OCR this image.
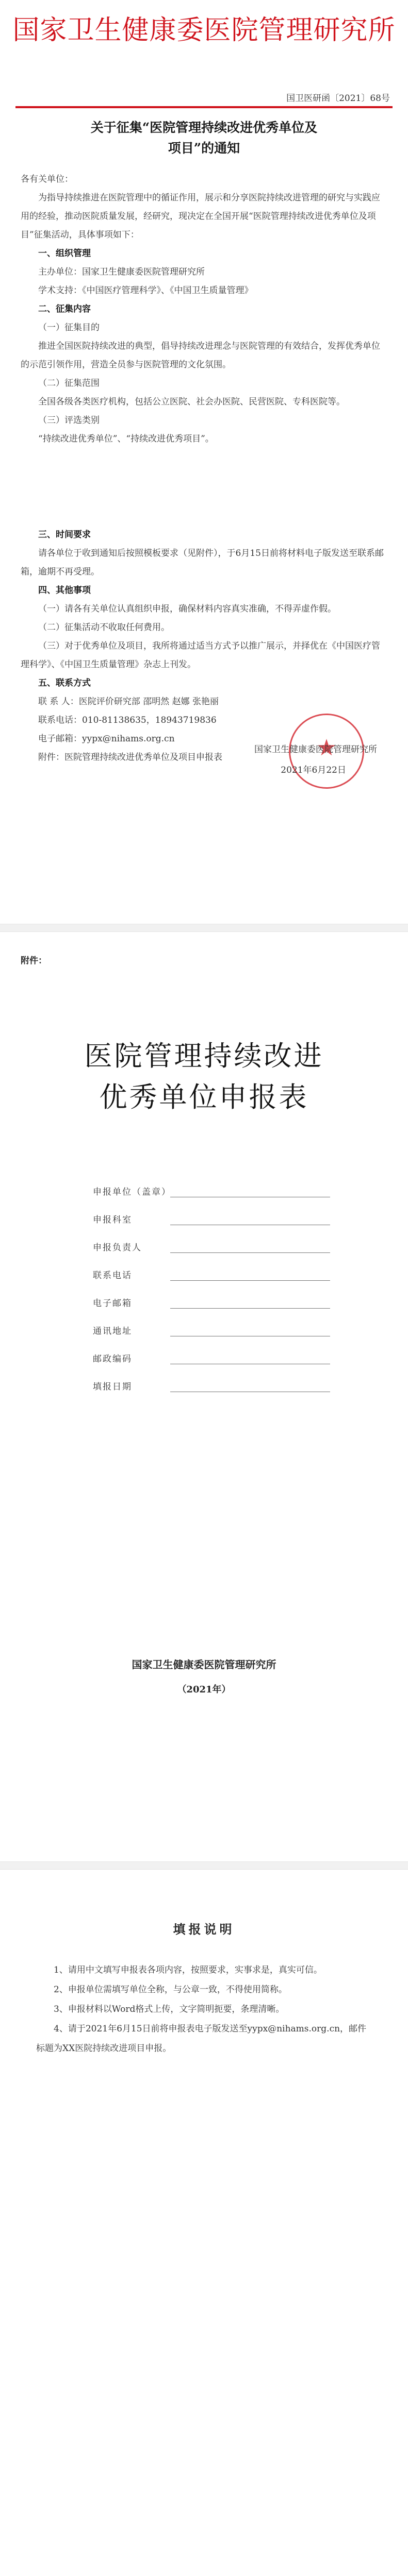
国家卫生健康委医院管理研究所
国卫医研函〔2021〕68号
关于征集“医院管理持续改进优秀单位及
项目”的通知

各有关单位：

为指导持续推进在医院管理中的循证作用，展示和分享医院持续改进管理的研究与实践应用的经验，推动医院质量发展，经研究，现决定在全国开展“医院管理持续改进优秀单位及项目”征集活动，具体事项如下：

一、组织管理

主办单位：国家卫生健康委医院管理研究所

学术支持：《中国医疗管理科学》、《中国卫生质量管理》

二、征集内容

（一）征集目的

推进全国医院持续改进的典型，倡导持续改进理念与医院管理的有效结合，发挥优秀单位的示范引领作用，营造全员参与医院管理的文化氛围。

（二）征集范围

全国各级各类医疗机构，包括公立医院、社会办医院、民营医院、专科医院等。

（三）评选类别

“持续改进优秀单位”、“持续改进优秀项目”。

三、时间要求

请各单位于收到通知后按照模板要求（见附件），于6月15日前将材料电子版发送至联系邮箱，逾期不再受理。

四、其他事项

（一）请各有关单位认真组织申报，确保材料内容真实准确，不得弄虚作假。

（二）征集活动不收取任何费用。

（三）对于优秀单位及项目，我所将通过适当方式予以推广展示，并择优在《中国医疗管理科学》、《中国卫生质量管理》杂志上刊发。

五、联系方式

联 系 人：医院评价研究部 邵明然 赵娜 张艳丽

联系电话：010-81138635，18943719836

电子邮箱：yypx@nihams.org.cn

附件：医院管理持续改进优秀单位及项目申报表

★
国家卫生健康委医院管理研究所
2021年6月22日
附件：
医院管理持续改进
优秀单位申报表
申报单位（盖章）
申报科室
申报负责人
联系电话
电子邮箱
通讯地址
邮政编码
填报日期
国家卫生健康委医院管理研究所
（2021年）
填报说明

1、请用中文填写申报表各项内容，按照要求，实事求是，真实可信。

2、申报单位需填写单位全称，与公章一致，不得使用简称。

3、申报材料以Word格式上传，文字简明扼要，条理清晰。

4、请于2021年6月15日前将申报表电子版发送至yypx@nihams.org.cn，邮件标题为XX医院持续改进项目申报。
